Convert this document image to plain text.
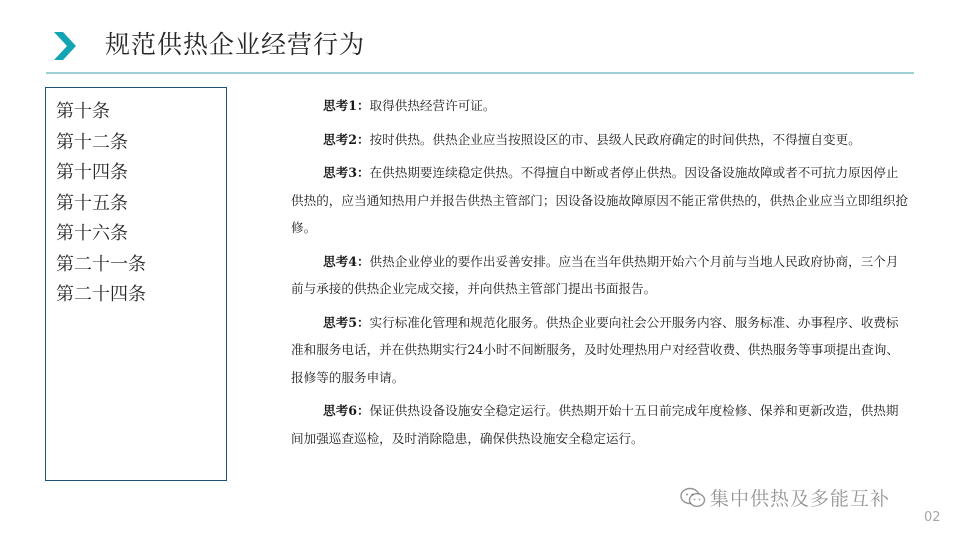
规范供热企业经营行为
第十条
第十二条
第十四条
第十五条
第十六条
第二十一条
第二十四条

思考1：取得供热经营许可证。

思考2：按时供热。供热企业应当按照设区的市、县级人民政府确定的时间供热，不得擅自变更。

思考3：在供热期要连续稳定供热。不得擅自中断或者停止供热。因设备设施故障或者不可抗力原因停止供热的，应当通知热用户并报告供热主管部门；因设备设施故障原因不能正常供热的，供热企业应当立即组织抢修。

思考4：供热企业停业的要作出妥善安排。应当在当年供热期开始六个月前与当地人民政府协商，三个月前与承接的供热企业完成交接，并向供热主管部门提出书面报告。

思考5：实行标准化管理和规范化服务。供热企业要向社会公开服务内容、服务标准、办事程序、收费标准和服务电话，并在供热期实行24小时不间断服务，及时处理热用户对经营收费、供热服务等事项提出查询、报修等的服务申请。

思考6：保证供热设备设施安全稳定运行。供热期开始十五日前完成年度检修、保养和更新改造，供热期间加强巡查巡检，及时消除隐患，确保供热设施安全稳定运行。

集中供热及多能互补
02
